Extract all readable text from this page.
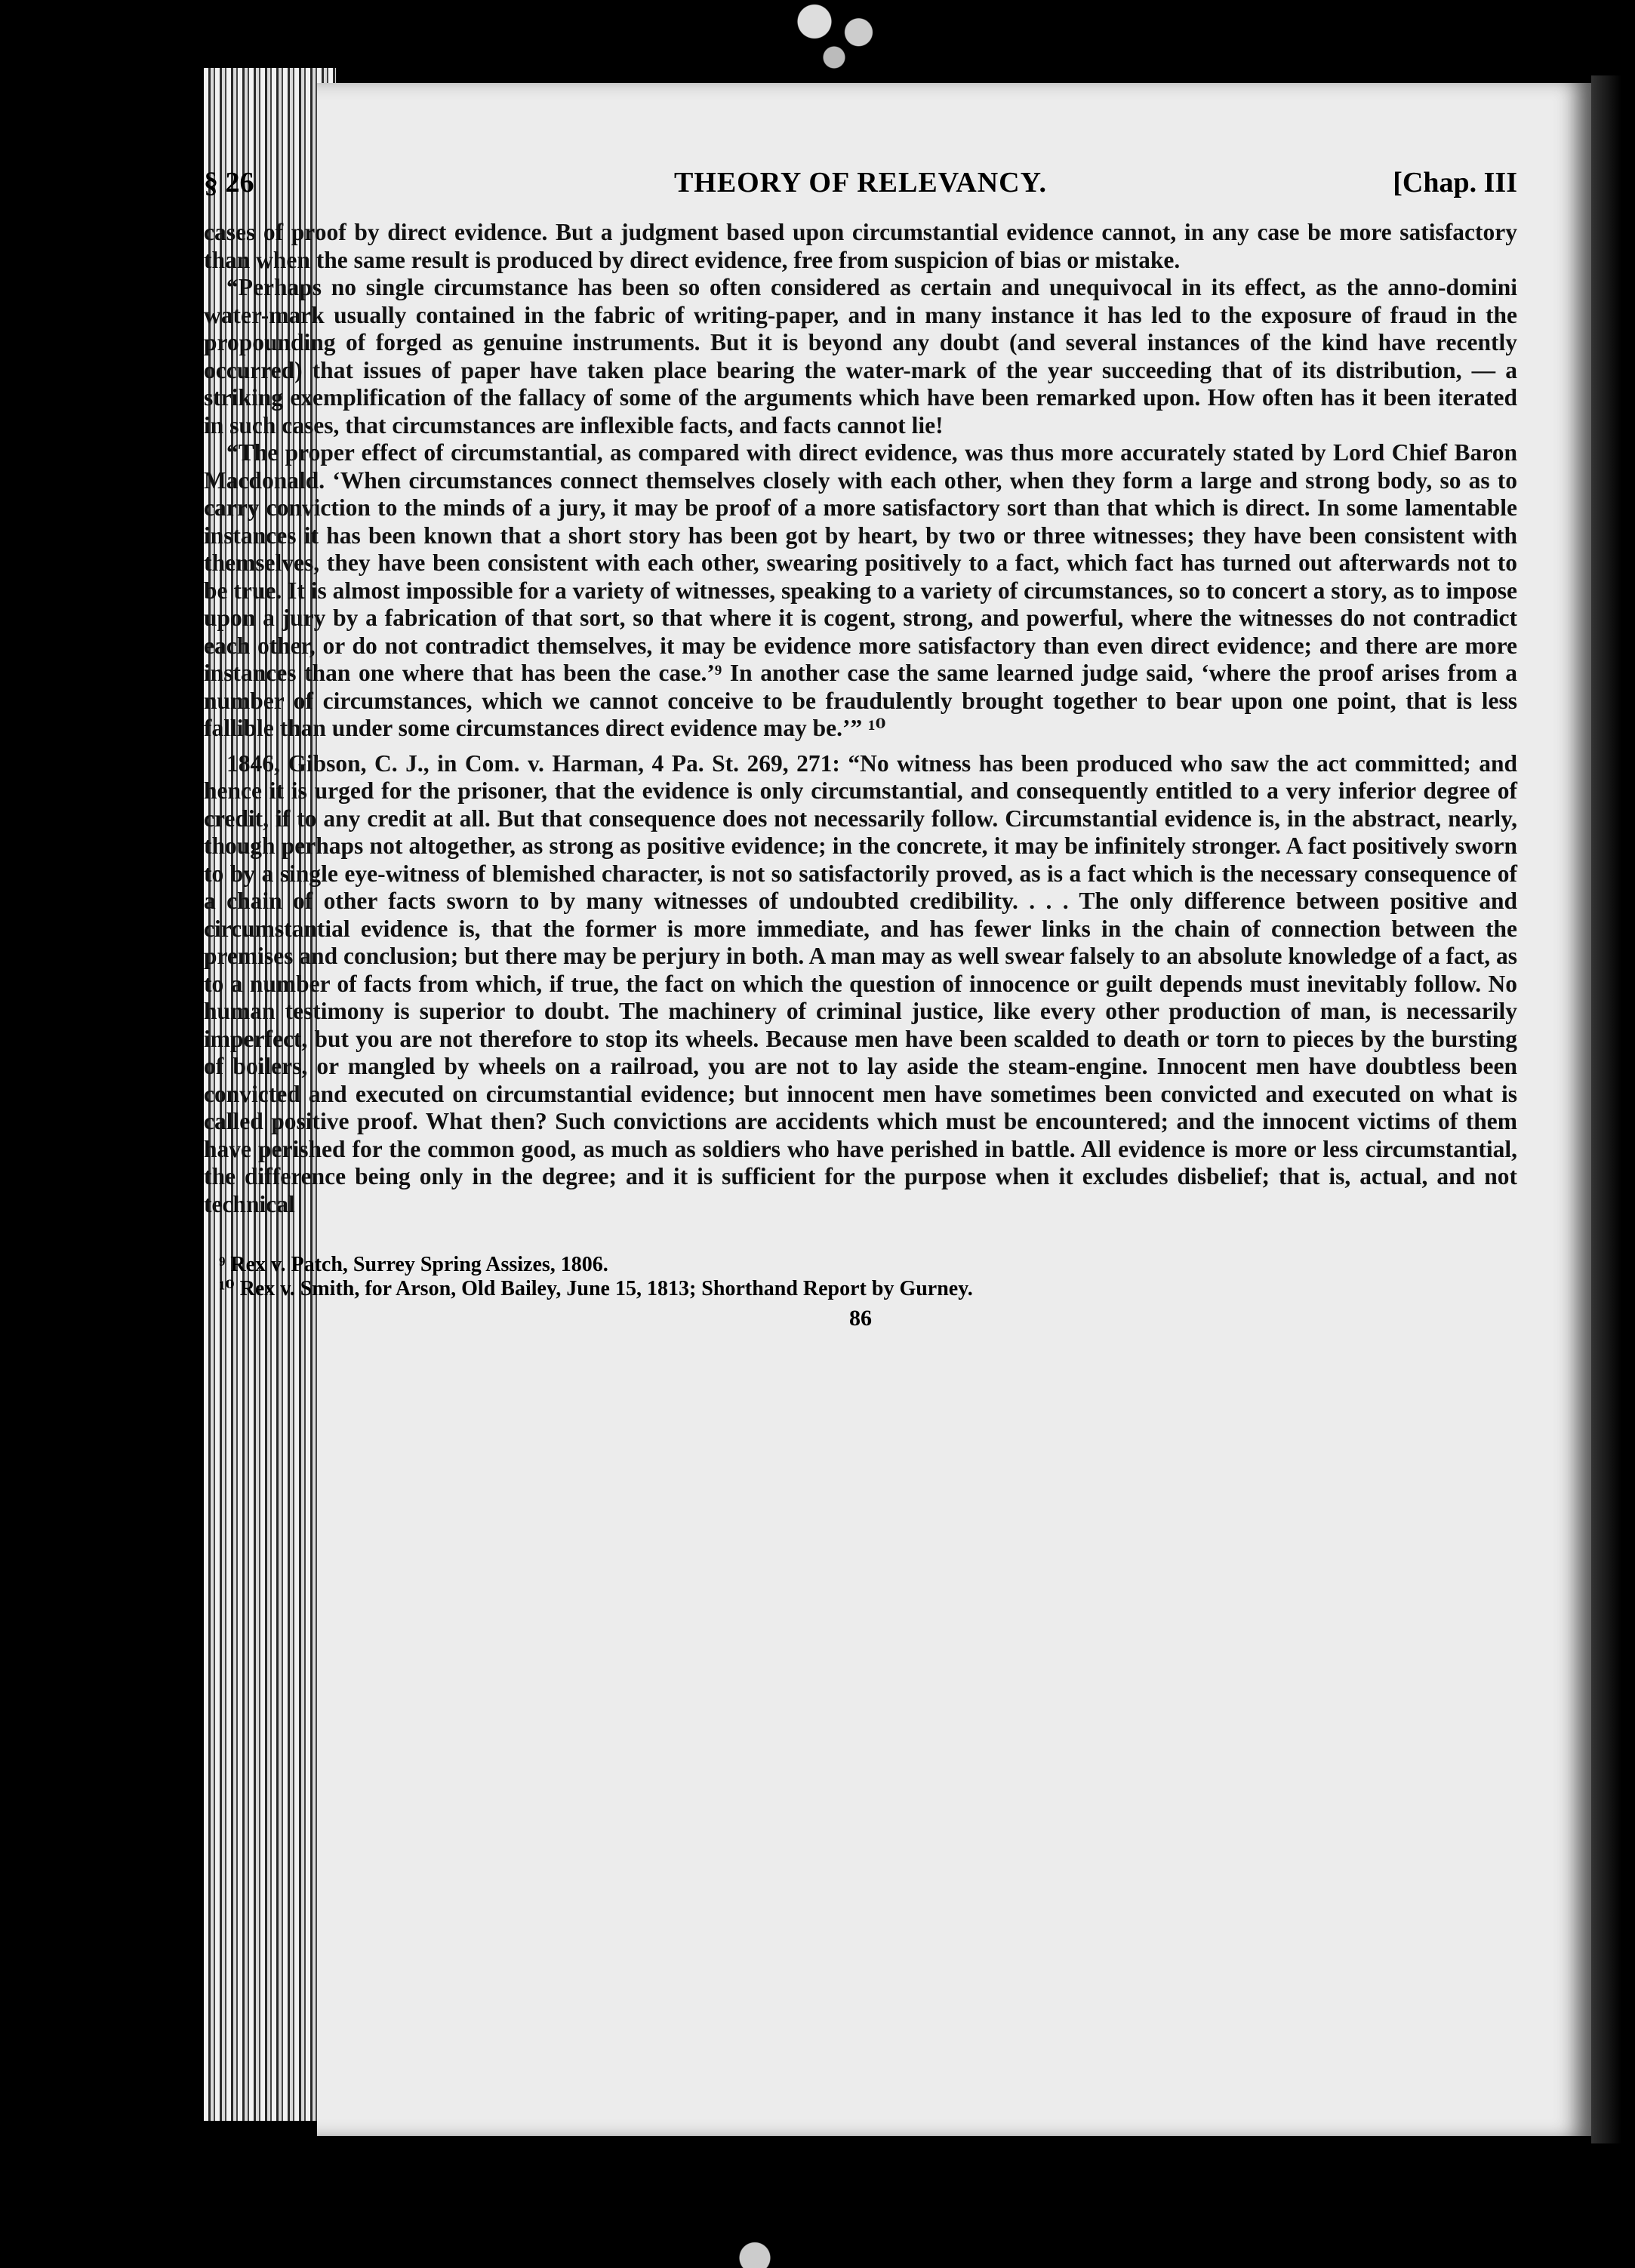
§ 26	THEORY OF RELEVANCY.	[Chap. III

cases of proof by direct evidence. But a judgment based upon circumstantial evidence cannot, in any case be more satisfactory than when the same result is produced by direct evidence, free from suspicion of bias or mistake.

“Perhaps no single circumstance has been so often considered as certain and unequivocal in its effect, as the anno-domini water-mark usually contained in the fabric of writing-paper, and in many instance it has led to the exposure of fraud in the propounding of forged as genuine instruments. But it is beyond any doubt (and several instances of the kind have recently occurred) that issues of paper have taken place bearing the water-mark of the year succeeding that of its distribution, — a striking exemplification of the fallacy of some of the arguments which have been remarked upon. How often has it been iterated in such cases, that circumstances are inflexible facts, and facts cannot lie!

“The proper effect of circumstantial, as compared with direct evidence, was thus more accurately stated by Lord Chief Baron Macdonald. ‘When circumstances connect themselves closely with each other, when they form a large and strong body, so as to carry conviction to the minds of a jury, it may be proof of a more satisfactory sort than that which is direct. In some lamentable instances it has been known that a short story has been got by heart, by two or three witnesses; they have been consistent with themselves, they have been consistent with each other, swearing positively to a fact, which fact has turned out afterwards not to be true. It is almost impossible for a variety of witnesses, speaking to a variety of circumstances, so to concert a story, as to impose upon a jury by a fabrication of that sort, so that where it is cogent, strong, and powerful, where the witnesses do not contradict each other, or do not contradict themselves, it may be evidence more satisfactory than even direct evidence; and there are more instances than one where that has been the case.’⁹ In another case the same learned judge said, ‘where the proof arises from a number of circumstances, which we cannot conceive to be fraudulently brought together to bear upon one point, that is less fallible than under some circumstances direct evidence may be.’” ¹⁰

1846, Gibson, C. J., in Com. v. Harman, 4 Pa. St. 269, 271: “No witness has been produced who saw the act committed; and hence it is urged for the prisoner, that the evidence is only circumstantial, and consequently entitled to a very inferior degree of credit, if to any credit at all. But that consequence does not necessarily follow. Circumstantial evidence is, in the abstract, nearly, though perhaps not altogether, as strong as positive evidence; in the concrete, it may be infinitely stronger. A fact positively sworn to by a single eye-witness of blemished character, is not so satisfactorily proved, as is a fact which is the necessary consequence of a chain of other facts sworn to by many witnesses of undoubted credibility. . . . The only difference between positive and circumstantial evidence is, that the former is more immediate, and has fewer links in the chain of connection between the premises and conclusion; but there may be perjury in both. A man may as well swear falsely to an absolute knowledge of a fact, as to a number of facts from which, if true, the fact on which the question of innocence or guilt depends must inevitably follow. No human testimony is superior to doubt. The machinery of criminal justice, like every other production of man, is necessarily imperfect, but you are not therefore to stop its wheels. Because men have been scalded to death or torn to pieces by the bursting of boilers, or mangled by wheels on a railroad, you are not to lay aside the steam-engine. Innocent men have doubtless been convicted and executed on circumstantial evidence; but innocent men have sometimes been convicted and executed on what is called positive proof. What then? Such convictions are accidents which must be encountered; and the innocent victims of them have perished for the common good, as much as soldiers who have perished in battle. All evidence is more or less circumstantial, the difference being only in the degree; and it is sufficient for the purpose when it excludes disbelief; that is, actual, and not technical

⁹ Rex v. Patch, Surrey Spring Assizes, 1806.

¹⁰ Rex v. Smith, for Arson, Old Bailey, June 15, 1813; Shorthand Report by Gurney.

86
